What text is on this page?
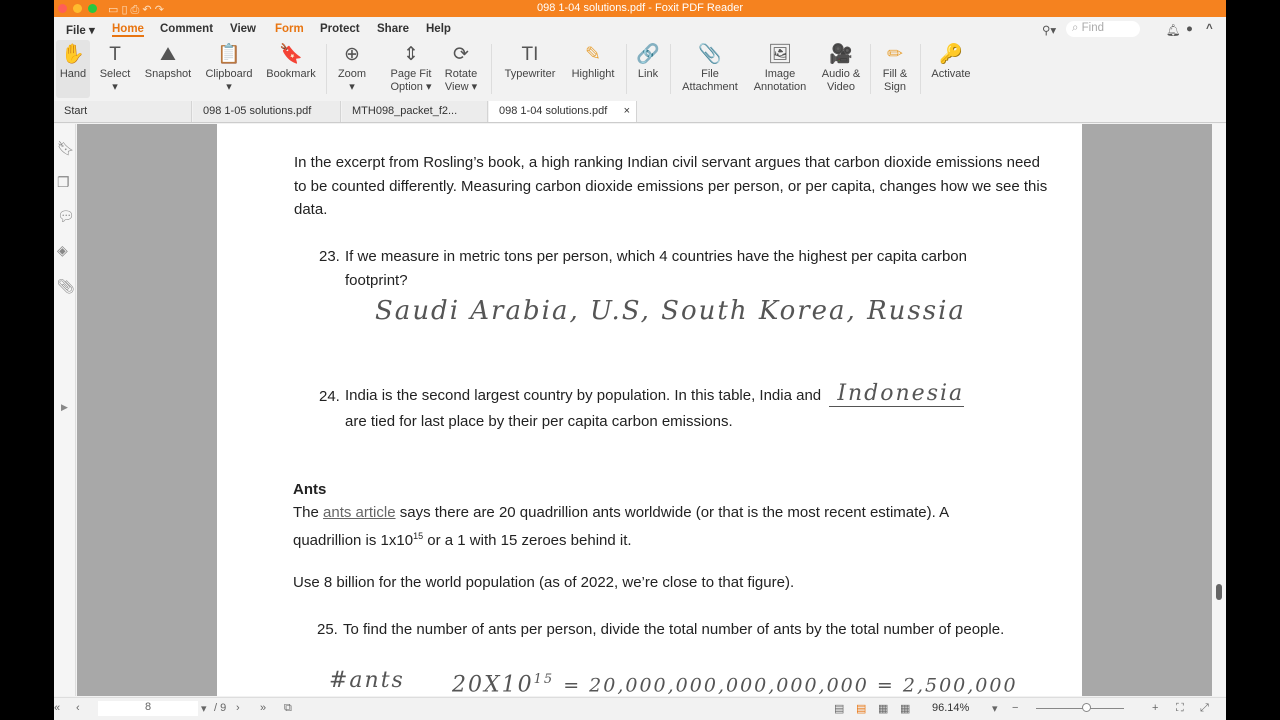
▭ ▯ ⎙ ↶ ↷	098 1-04 solutions.pdf - Foxit PDF Reader
File ▾ Home Comment View Form Protect Share Help	⚲▾	⌕ Find	🔔︎ ● ^
✋
Hand
T
Select
▾
⛰
Snapshot
📋
Clipboard
▾
🔖
Bookmark
⊕
Zoom
▾
⇕
Page Fit
Option ▾
⟳
Rotate
View ▾
TI
Typewriter
✎
Highlight
🔗
Link
📎
File
Attachment
🖼
Image
Annotation
🎥
Audio &
Video
✏
Fill &
Sign
🔑
Activate
Start	098 1-05 solutions.pdf	MTH098_packet_f2...	098 1-04 solutions.pdf ×
🔖︎
❐
💬︎
◈
📎︎
▶
In the excerpt from Rosling’s book, a high ranking Indian civil servant argues that carbon dioxide emissions need to be counted differently. Measuring carbon dioxide emissions per person, or per capita, changes how we see this data.
23. If we measure in metric tons per person, which 4 countries have the highest per capita carbon footprint?
Saudi Arabia, U.S, South Korea, Russia
24. India is the second largest country by population. In this table, India and Indonesia
are tied for last place by their per capita carbon emissions.
Ants
The ants article says there are 20 quadrillion ants worldwide (or that is the most recent estimate). A quadrillion is $1x10^{15}$ or a 1 with 15 zeroes behind it.
Use 8 billion for the world population (as of 2022, we’re close to that figure).
25. To find the number of ants per person, divide the total number of ants by the total number of people.
#ants $20X10^{15} = 20,000,000,000,000,000 = 2,500,000$
« ‹	8	▾ / 9 › » ⧉	▤ ▤ ▦ ▦ 96.14% ▾ −	+ ⛶ ⤢
